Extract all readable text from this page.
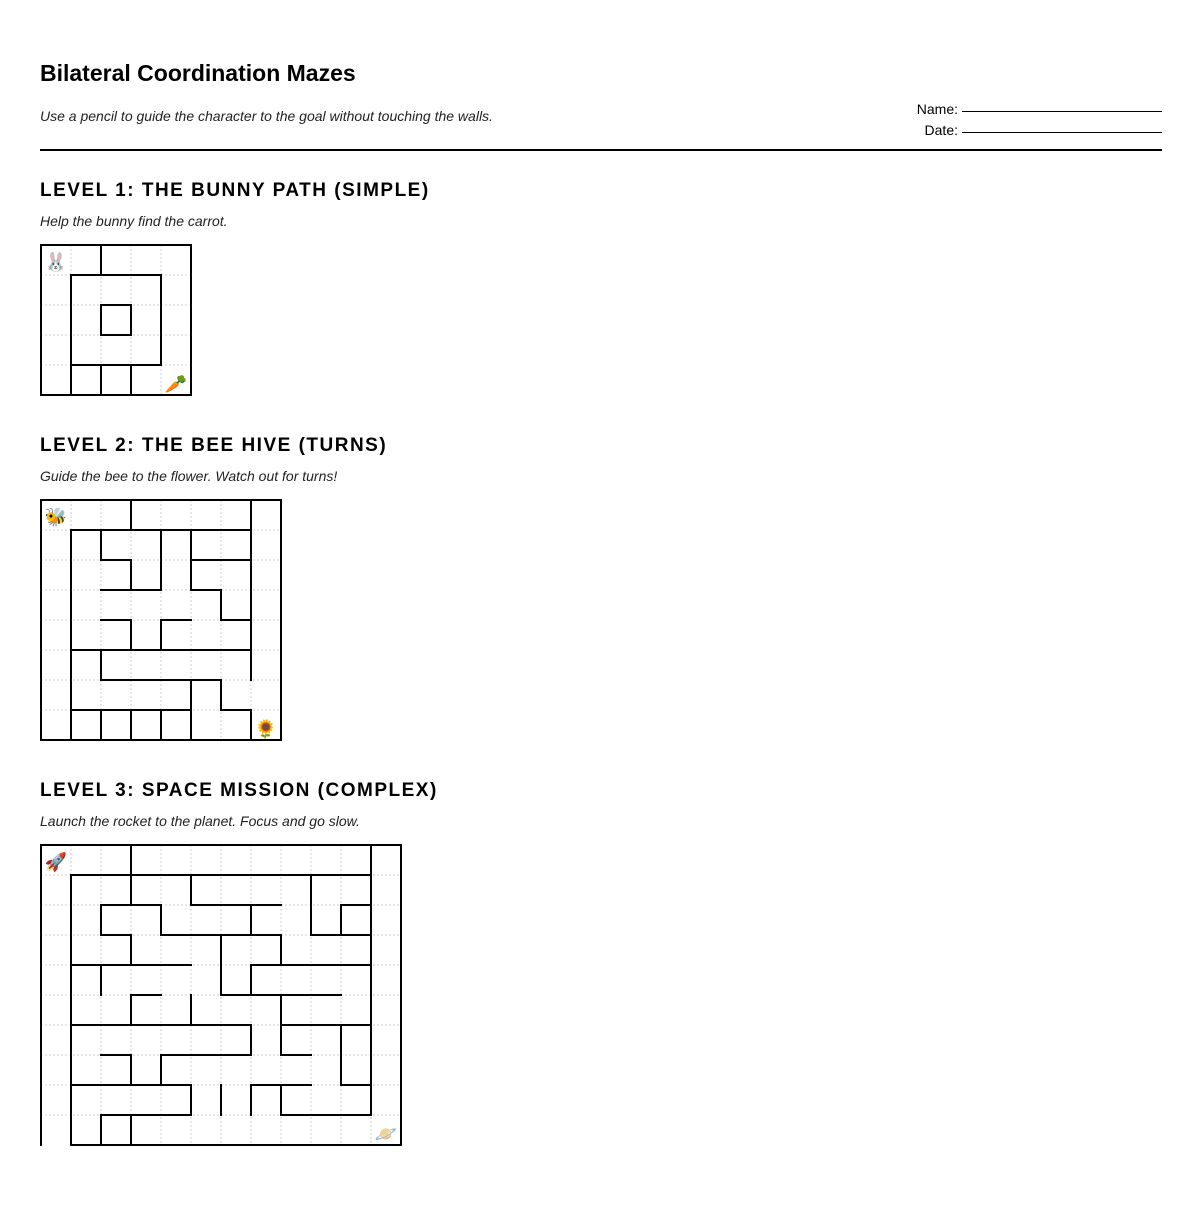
Bilateral Coordination Mazes

Use a pencil to guide the character to the goal without touching the walls.	Name:
Date:
LEVEL 1: THE BUNNY PATH (SIMPLE)

Help the bunny find the carrot.

🐰
🥕
LEVEL 2: THE BEE HIVE (TURNS)

Guide the bee to the flower. Watch out for turns!

🐝
🌻
LEVEL 3: SPACE MISSION (COMPLEX)

Launch the rocket to the planet. Focus and go slow.

🚀
🪐
